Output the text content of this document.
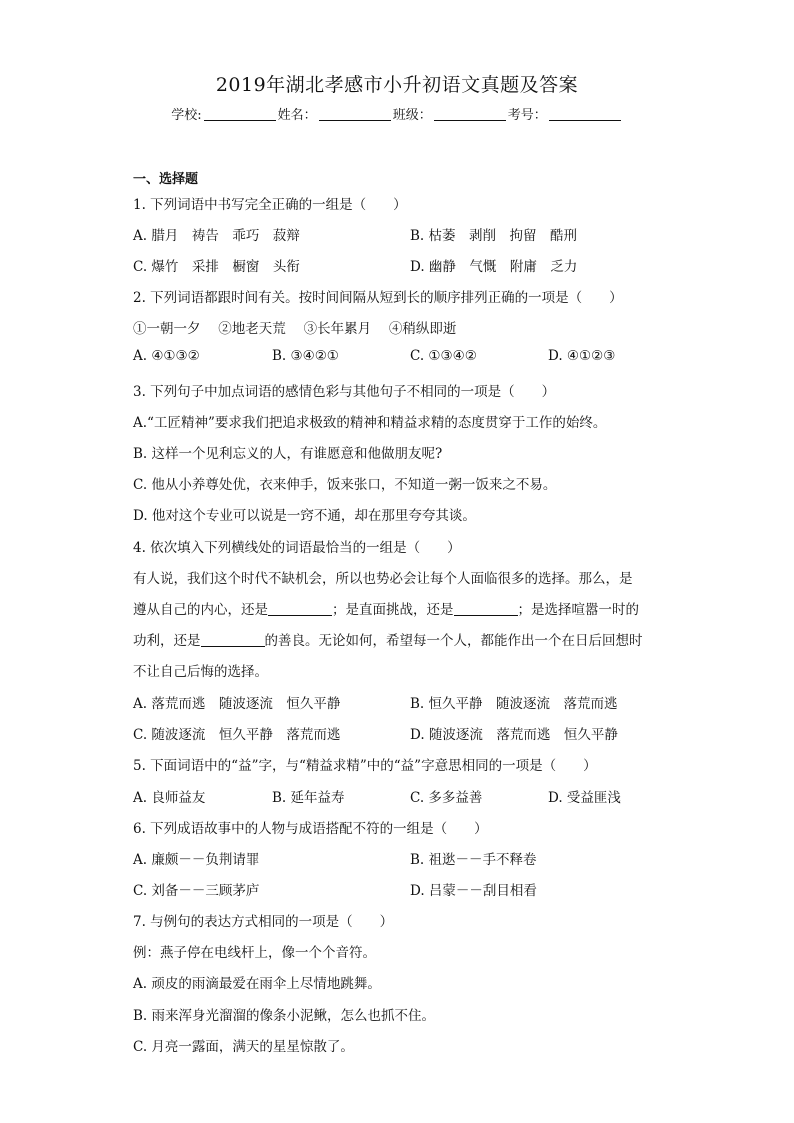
2019年湖北孝感市小升初语文真题及答案
学校:	姓名：	班级：	考号：
一、选择题
1. 下列词语中书写完全正确的一组是（　　）
A. 腊月　祷告　乖巧　菽辩	B. 枯萎　剥削　拘留　酷刑
C. 爆竹　采排　橱窗　头衔	D. 幽静　气慨　附庸　乏力
2. 下列词语都跟时间有关。按时间间隔从短到长的顺序排列正确的一项是（　　）
①一朝一夕　 ②地老天荒　 ③长年累月　 ④稍纵即逝
A. ④①③②	B. ③④②①	C. ①③④②	D. ④①②③
3. 下列句子中加点词语的感情色彩与其他句子不相同的一项是（　　）
A.“工匠精神”要求我们把追求极致的精神和精益求精的态度贯穿于工作的始终。
B. 这样一个见利忘义的人，有谁愿意和他做朋友呢?
C. 他从小养尊处优，衣来伸手，饭来张口，不知道一粥一饭来之不易。
D. 他对这个专业可以说是一窍不通，却在那里夸夸其谈。
4. 依次填入下列横线处的词语最恰当的一组是（　　）
有人说，我们这个时代不缺机会，所以也势必会让每个人面临很多的选择。那么，是
遵从自己的内心，还是	；是直面挑战，还是	；是选择喧嚣一时的
功利，还是	的善良。无论如何，希望每一个人，都能作出一个在日后回想时
不让自己后悔的选择。
A. 落荒而逃　随波逐流　恒久平静	B. 恒久平静　随波逐流　落荒而逃
C. 随波逐流　恒久平静　落荒而逃	D. 随波逐流　落荒而逃　恒久平静
5. 下面词语中的“益”字，与“精益求精”中的“益”字意思相同的一项是（　　）
A. 良师益友	B. 延年益寿	C. 多多益善	D. 受益匪浅
6. 下列成语故事中的人物与成语搭配不符的一组是（　　）
A. 廉颇－－负荆请罪	B. 祖逖－－手不释卷
C. 刘备－－三顾茅庐	D. 吕蒙－－刮目相看
7. 与例句的表达方式相同的一项是（　　）
例：燕子停在电线杆上，像一个个音符。
A. 顽皮的雨滴最爱在雨伞上尽情地跳舞。
B. 雨来浑身光溜溜的像条小泥鳅，怎么也抓不住。
C. 月亮一露面，满天的星星惊散了。
